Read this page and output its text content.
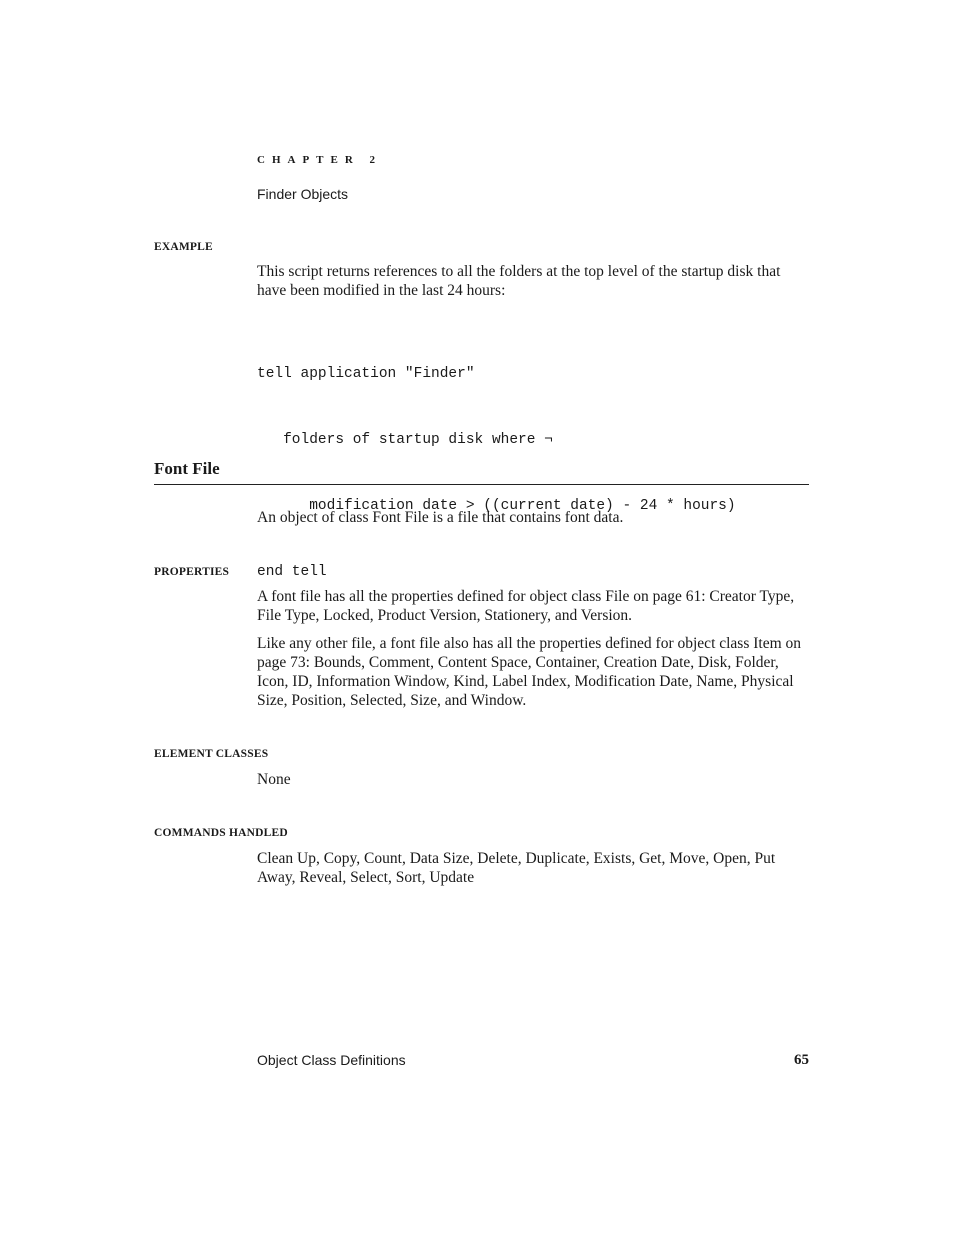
CHAPTER 2
Finder Objects
EXAMPLE

This script returns references to all the folders at the top level of the startup disk that have been modified in the last 24 hours:

tell application "Finder"

folders of startup disk where ¬

modification date > ((current date) - 24 * hours)

end tell

Font File

An object of class Font File is a file that contains font data.

PROPERTIES

A font file has all the properties defined for object class File on page 61: Creator Type, File Type, Locked, Product Version, Stationery, and Version.

Like any other file, a font file also has all the properties defined for object class Item on page 73: Bounds, Comment, Content Space, Container, Creation Date, Disk, Folder, Icon, ID, Information Window, Kind, Label Index, Modification Date, Name, Physical Size, Position, Selected, Size, and Window.

ELEMENT CLASSES

None

COMMANDS HANDLED

Clean Up, Copy, Count, Data Size, Delete, Duplicate, Exists, Get, Move, Open, Put Away, Reveal, Select, Sort, Update

Object Class Definitions	65
